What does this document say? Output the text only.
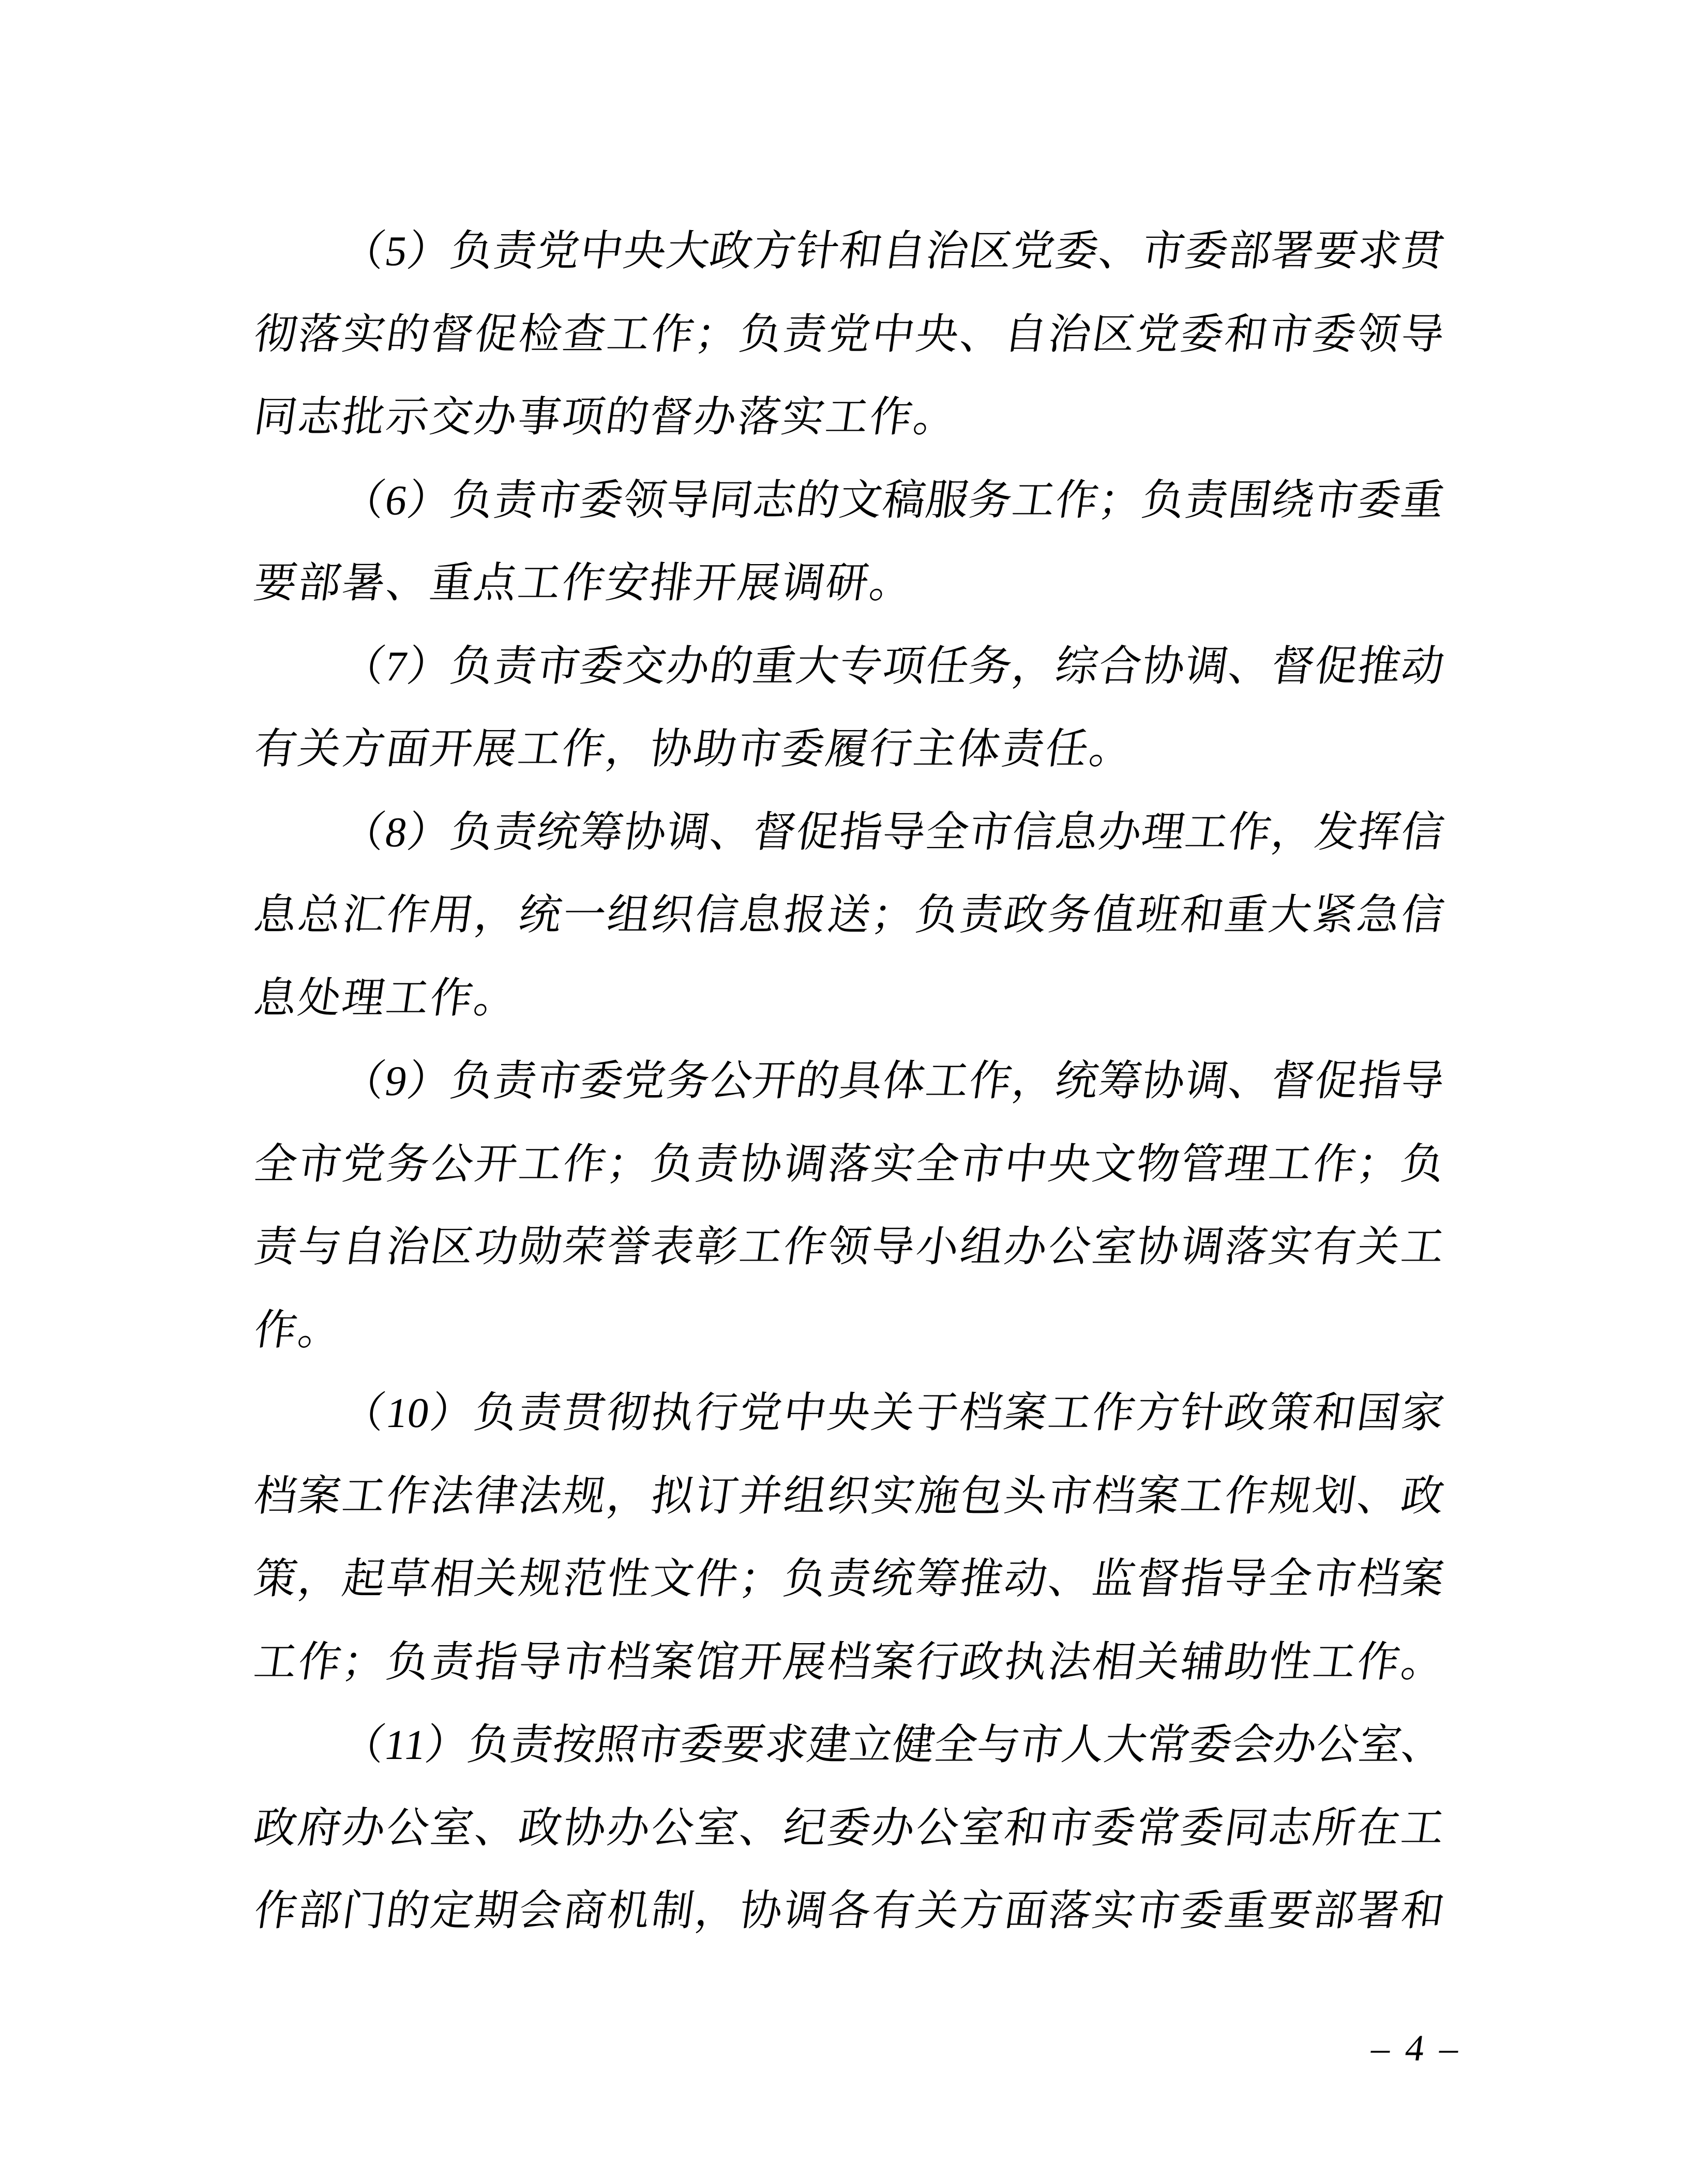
（5）负责党中央大政方针和自治区党委、市委部署要求贯
彻落实的督促检查工作；负责党中央、自治区党委和市委领导
同志批示交办事项的督办落实工作。
（6）负责市委领导同志的文稿服务工作；负责围绕市委重
要部暑、重点工作安排开展调研。
（7）负责市委交办的重大专项任务，综合协调、督促推动
有关方面开展工作，协助市委履行主体责任。
（8）负责统筹协调、督促指导全市信息办理工作，发挥信
息总汇作用，统一组织信息报送；负责政务值班和重大紧急信
息处理工作。
（9）负责市委党务公开的具体工作，统筹协调、督促指导
全市党务公开工作；负责协调落实全市中央文物管理工作；负
责与自治区功勋荣誉表彰工作领导小组办公室协调落实有关工
作。
（10）负责贯彻执行党中央关于档案工作方针政策和国家
档案工作法律法规，拟订并组织实施包头市档案工作规划、政
策，起草相关规范性文件；负责统筹推动、监督指导全市档案
工作；负责指导市档案馆开展档案行政执法相关辅助性工作。
（11）负责按照市委要求建立健全与市人大常委会办公室、
政府办公室、政协办公室、纪委办公室和市委常委同志所在工
作部门的定期会商机制，协调各有关方面落实市委重要部署和
– 4 –
